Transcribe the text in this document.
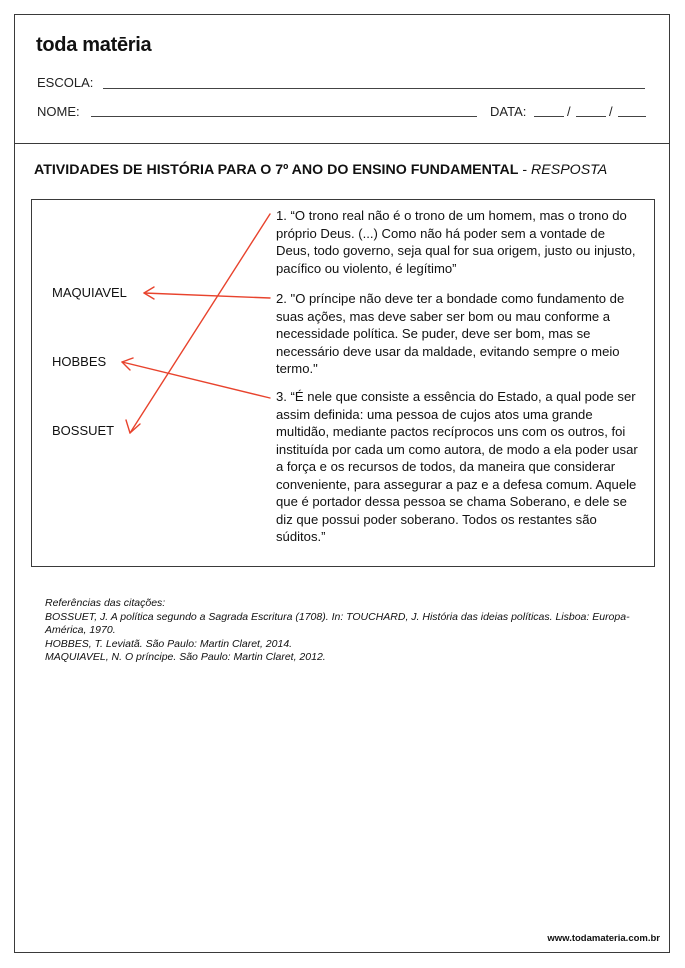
toda matēria
ESCOLA:
NOME:	DATA:	/	/
ATIVIDADES DE HISTÓRIA PARA O 7º ANO DO ENSINO FUNDAMENTAL - RESPOSTA
MAQUIAVEL
HOBBES
BOSSUET
1. “O trono real não é o trono de um homem, mas o trono do próprio Deus. (...) Como não há poder sem a vontade de Deus, todo governo, seja qual for sua origem, justo ou injusto, pacífico ou violento, é legítimo”
2. "O príncipe não deve ter a bondade como fundamento de suas ações, mas deve saber ser bom ou mau conforme a necessidade política. Se puder, deve ser bom, mas se necessário deve usar da maldade, evitando sempre o meio termo."
3. “É nele que consiste a essência do Estado, a qual pode ser assim definida: uma pessoa de cujos atos uma grande multidão, mediante pactos recíprocos uns com os outros, foi instituída por cada um como autora, de modo a ela poder usar a força e os recursos de todos, da maneira que considerar conveniente, para assegurar a paz e a defesa comum. Aquele que é portador dessa pessoa se chama Soberano, e dele se diz que possui poder soberano. Todos os restantes são súditos.”
Referências das citações:
BOSSUET, J. A política segundo a Sagrada Escritura (1708). In: TOUCHARD, J. História das ideias políticas. Lisboa: Europa-América, 1970.
HOBBES, T. Leviatã. São Paulo: Martin Claret, 2014.
MAQUIAVEL, N. O príncipe. São Paulo: Martin Claret, 2012.
www.todamateria.com.br
